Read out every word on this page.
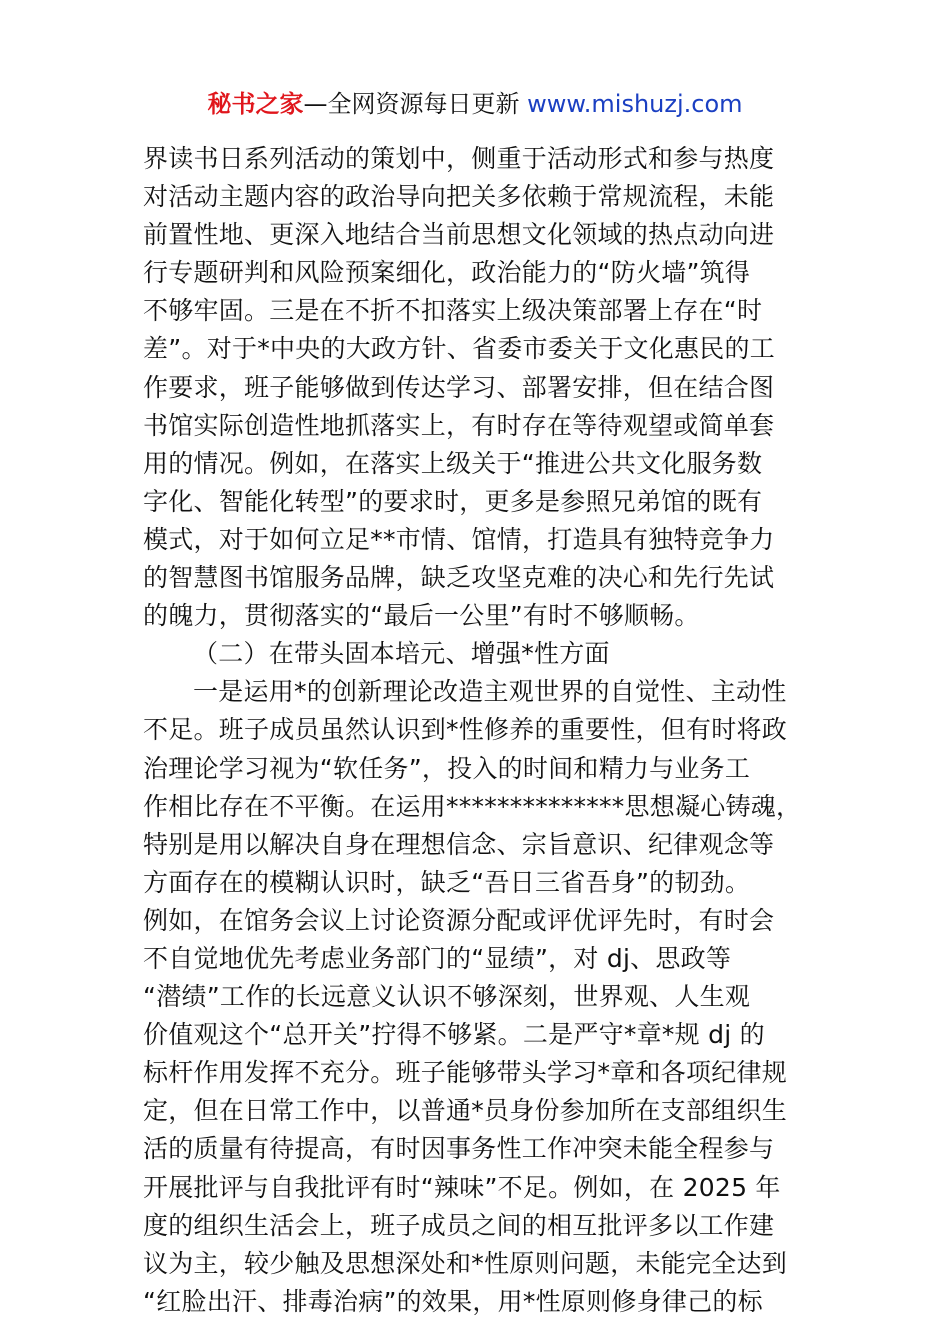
秘书之家—全网资源每日更新 www.mishuzj.com
界读书日系列活动的策划中，侧重于活动形式和参与热度
对活动主题内容的政治导向把关多依赖于常规流程，未能
前置性地、更深入地结合当前思想文化领域的热点动向进
行专题研判和风险预案细化，政治能力的“防火墙”筑得
不够牢固。三是在不折不扣落实上级决策部署上存在“时
差”。对于*中央的大政方针、省委市委关于文化惠民的工
作要求，班子能够做到传达学习、部署安排，但在结合图
书馆实际创造性地抓落实上，有时存在等待观望或简单套
用的情况。例如，在落实上级关于“推进公共文化服务数
字化、智能化转型”的要求时，更多是参照兄弟馆的既有
模式，对于如何立足**市情、馆情，打造具有独特竞争力
的智慧图书馆服务品牌，缺乏攻坚克难的决心和先行先试
的魄力，贯彻落实的“最后一公里”有时不够顺畅。
（二）在带头固本培元、增强*性方面
一是运用*的创新理论改造主观世界的自觉性、主动性
不足。班子成员虽然认识到*性修养的重要性，但有时将政
治理论学习视为“软任务”，投入的时间和精力与业务工
作相比存在不平衡。在运用**************思想凝心铸魂，
特别是用以解决自身在理想信念、宗旨意识、纪律观念等
方面存在的模糊认识时，缺乏“吾日三省吾身”的韧劲。
例如，在馆务会议上讨论资源分配或评优评先时，有时会
不自觉地优先考虑业务部门的“显绩”，对 dj、思政等
“潜绩”工作的长远意义认识不够深刻，世界观、人生观
价值观这个“总开关”拧得不够紧。二是严守*章*规 dj 的
标杆作用发挥不充分。班子能够带头学习*章和各项纪律规
定，但在日常工作中，以普通*员身份参加所在支部组织生
活的质量有待提高，有时因事务性工作冲突未能全程参与
开展批评与自我批评有时“辣味”不足。例如，在 2025 年
度的组织生活会上，班子成员之间的相互批评多以工作建
议为主，较少触及思想深处和*性原则问题，未能完全达到
“红脸出汗、排毒治病”的效果，用*性原则修身律己的标
